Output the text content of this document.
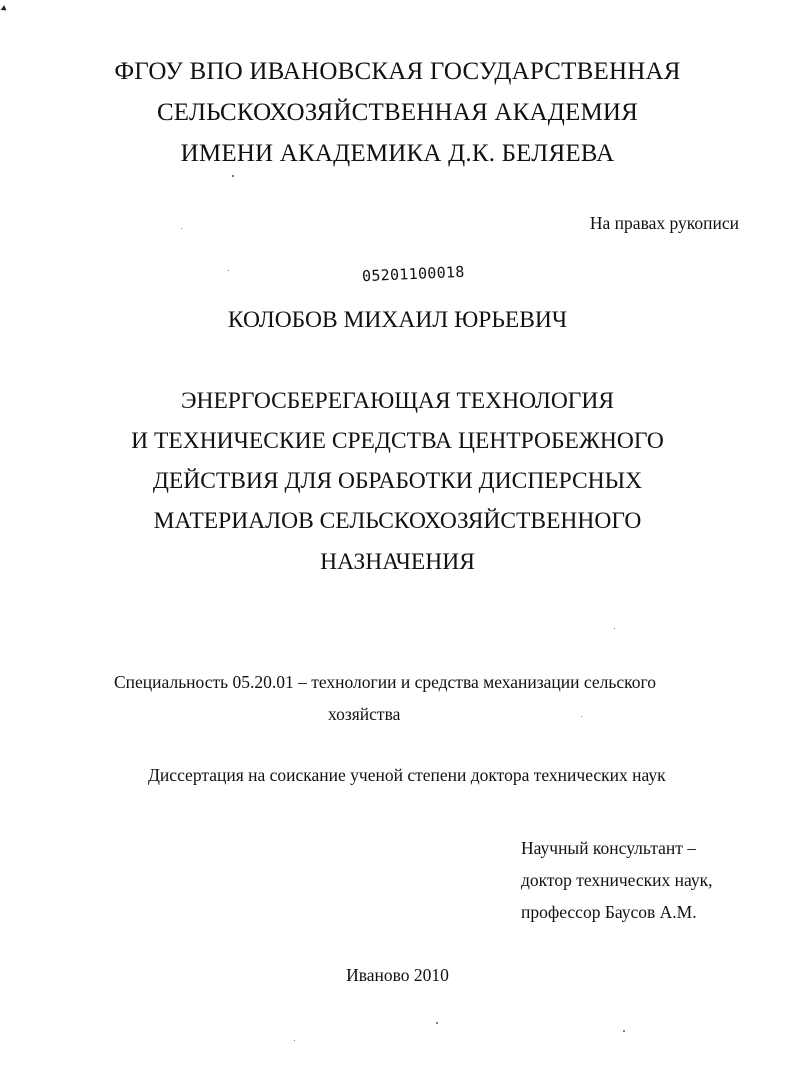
ФГОУ ВПО ИВАНОВСКАЯ ГОСУДАРСТВЕННАЯ
СЕЛЬСКОХОЗЯЙСТВЕННАЯ АКАДЕМИЯ
ИМЕНИ АКАДЕМИКА Д.К. БЕЛЯЕВА
На правах рукописи
05201100018
КОЛОБОВ МИХАИЛ ЮРЬЕВИЧ
ЭНЕРГОСБЕРЕГАЮЩАЯ ТЕХНОЛОГИЯ
И ТЕХНИЧЕСКИЕ СРЕДСТВА ЦЕНТРОБЕЖНОГО
ДЕЙСТВИЯ ДЛЯ ОБРАБОТКИ ДИСПЕРСНЫХ
МАТЕРИАЛОВ СЕЛЬСКОХОЗЯЙСТВЕННОГО
НАЗНАЧЕНИЯ
Специальность 05.20.01 – технологии и средства механизации сельского
хозяйства
Диссертация на соискание ученой степени доктора технических наук
Научный консультант –
доктор технических наук,
профессор Баусов А.М.
Иваново 2010
